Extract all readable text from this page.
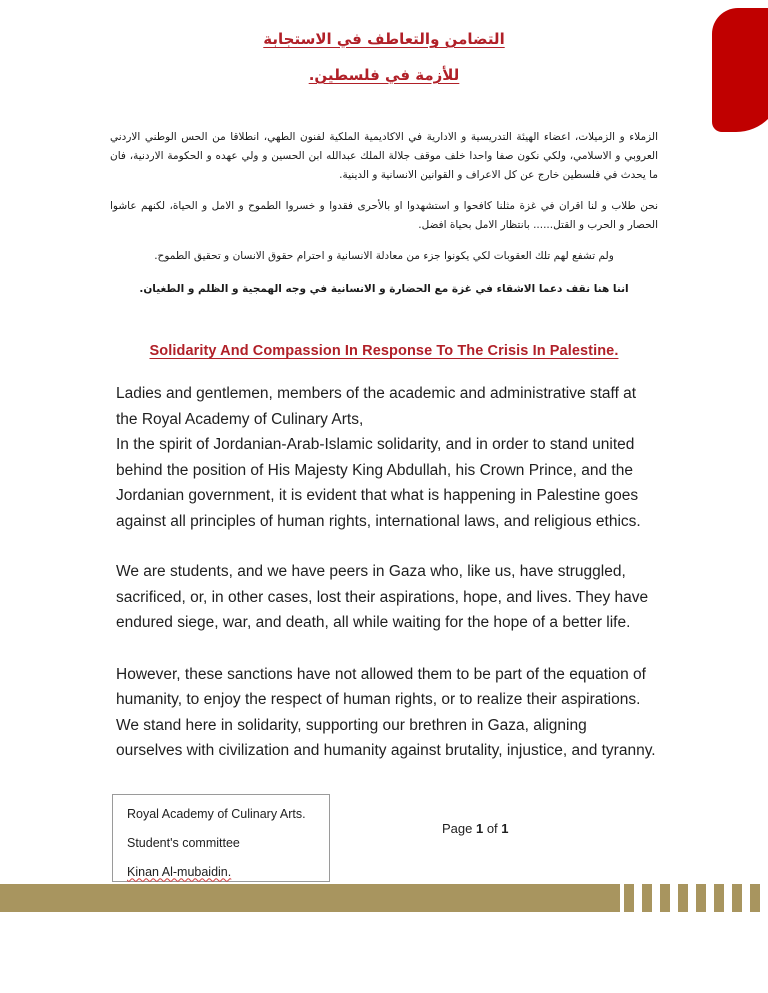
التضامن والتعاطف في الاستجابة
للأزمة في فلسطين.

الزملاء و الزميلات، اعضاء الهيئة التدريسية و الادارية في الاكاديمية الملكية لفنون الطهي، انطلاقا من الحس الوطني الاردني العروبي و الاسلامي، ولكي نكون صفا واحدا خلف موقف جلالة الملك عبدالله ابن الحسين و ولي عهده و الحكومة الاردنية، فان ما يحدث في فلسطين خارج عن كل الاعراف و القوانين الانسانية و الدينية.

نحن طلاب و لنا اقران في غزة مثلنا كافحوا و استشهدوا او بالأحرى فقدوا و خسروا الطموح و الامل و الحياة، لكنهم عاشوا الحصار و الحرب و القتل...... بانتظار الامل بحياة افضل.

ولم تشفع لهم تلك العقوبات لكي يكونوا جزء من معادلة الانسانية و احترام حقوق الانسان و تحقيق الطموح.

اننا هنا نقف دعما الاشقاء في غزة مع الحضارة و الانسانية في وجه الهمجية و الظلم و الطغيان.

Solidarity And Compassion In Response To The Crisis In Palestine.

Ladies and gentlemen, members of the academic and administrative staff at the Royal Academy of Culinary Arts,
In the spirit of Jordanian-Arab-Islamic solidarity, and in order to stand united behind the position of His Majesty King Abdullah, his Crown Prince, and the Jordanian government, it is evident that what is happening in Palestine goes against all principles of human rights, international laws, and religious ethics.

We are students, and we have peers in Gaza who, like us, have struggled, sacrificed, or, in other cases, lost their aspirations, hope, and lives. They have endured siege, war, and death, all while waiting for the hope of a better life.

However, these sanctions have not allowed them to be part of the equation of humanity, to enjoy the respect of human rights, or to realize their aspirations. We stand here in solidarity, supporting our brethren in Gaza, aligning ourselves with civilization and humanity against brutality, injustice, and tyranny.

Royal Academy of Culinary Arts.
Student's committee
Kinan Al-mubaidin.
Page 1 of 1
